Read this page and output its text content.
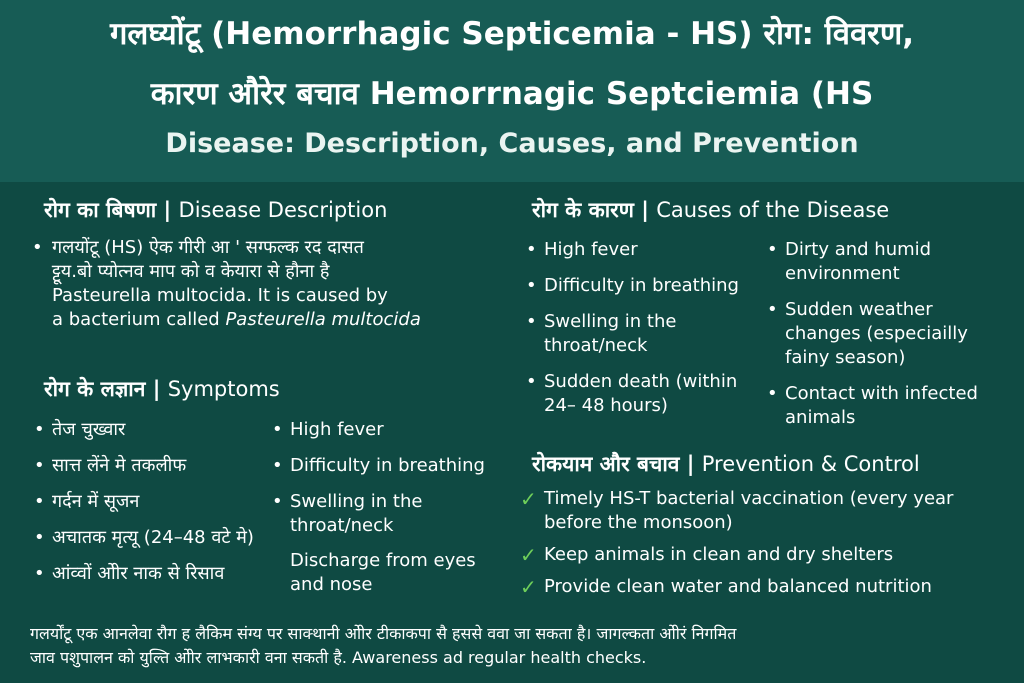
गलघ्योंटू (Hemorrhagic Septicemia - HS) रोग: विवरण,
कारण औरेर बचाव Hemorrnagic Septciemia (HS
Disease: Description, Causes, and Prevention
रोग का बिषणा | Disease Description
• गलयोंटू (HS) ऐक गीरी आ ' सग्फल्क रद दासत

ट्टूय.बो प्योत्नव माप को व केयारा से हौना है

Pasteurella multocida. It is caused by

a bacterium called Pasteurella multocida

रोग के लज्ञान | Symptoms
• तेज चुख्वार
• सात्त लेंने मे तकलीफ
• गर्दन में सूजन
• अचातक मृत्यू (24–48 वटे मे)
• आंव्वों ओीर नाक से रिसाव
• High fever
• Difficulty in breathing
• Swelling in the throat/neck
Discharge from eyes and nose
रोग के कारण | Causes of the Disease
• High fever
• Difficulty in breathing
• Swelling in the throat/neck
• Sudden death (within 24– 48 hours)
• Dirty and humid environment
• Sudden weather changes (especiailly fainy season)
• Contact with infected animals
रोकयाम और बचाव | Prevention & Control
✓ Timely HS-T bacterial vaccination (every year before the monsoon)
✓ Keep animals in clean and dry shelters
✓ Provide clean water and balanced nutrition
गलर्योंटू एक आनलेवा रौग ह लैकिम संग्य पर साक्थानी ओीर टीकाकपा सै हससे ववा जा सकता है। जागल्कता ओीरं निगमित
जाव पशुपालन को युल्ति ओीर लाभकारी वना सकती है. Awareness ad regular health checks.
